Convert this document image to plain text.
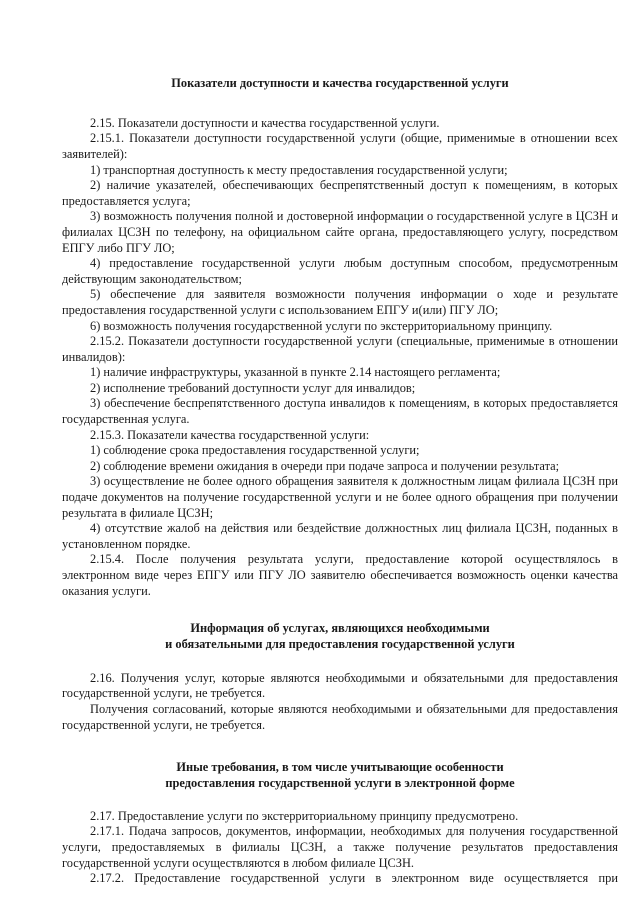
Показатели доступности и качества государственной услуги

2.15. Показатели доступности и качества государственной услуги.

2.15.1. Показатели доступности государственной услуги (общие, применимые в отношении всех заявителей):

1) транспортная доступность к месту предоставления государственной услуги;

2) наличие указателей, обеспечивающих беспрепятственный доступ к помещениям, в которых предоставляется услуга;

3) возможность получения полной и достоверной информации о государственной услуге в ЦСЗН и филиалах ЦСЗН по телефону, на официальном сайте органа, предоставляющего услугу, посредством ЕПГУ либо ПГУ ЛО;

4) предоставление государственной услуги любым доступным способом, предусмотренным действующим законодательством;

5) обеспечение для заявителя возможности получения информации о ходе и результате предоставления государственной услуги с использованием ЕПГУ и(или) ПГУ ЛО;

6) возможность получения государственной услуги по экстерриториальному принципу.

2.15.2. Показатели доступности государственной услуги (специальные, применимые в отношении инвалидов):

1) наличие инфраструктуры, указанной в пункте 2.14 настоящего регламента;

2) исполнение требований доступности услуг для инвалидов;

3) обеспечение беспрепятственного доступа инвалидов к помещениям, в которых предоставляется государственная услуга.

2.15.3. Показатели качества государственной услуги:

1) соблюдение срока предоставления государственной услуги;

2) соблюдение времени ожидания в очереди при подаче запроса и получении результата;

3) осуществление не более одного обращения заявителя к должностным лицам филиала ЦСЗН при подаче документов на получение государственной услуги и не более одного обращения при получении результата в филиале ЦСЗН;

4) отсутствие жалоб на действия или бездействие должностных лиц филиала ЦСЗН, поданных в установленном порядке.

2.15.4. После получения результата услуги, предоставление которой осуществлялось в электронном виде через ЕПГУ или ПГУ ЛО заявителю обеспечивается возможность оценки качества оказания услуги.

Информация об услугах, являющихся необходимыми
и обязательными для предоставления государственной услуги

2.16. Получения услуг, которые являются необходимыми и обязательными для предоставления государственной услуги, не требуется.

Получения согласований, которые являются необходимыми и обязательными для предоставления государственной услуги, не требуется.

Иные требования, в том числе учитывающие особенности
предоставления государственной услуги в электронной форме

2.17. Предоставление услуги по экстерриториальному принципу предусмотрено.

2.17.1. Подача запросов, документов, информации, необходимых для получения государственной услуги, предоставляемых в филиалы ЦСЗН, а также получение результатов предоставления государственной услуги осуществляются в любом филиале ЦСЗН.

2.17.2. Предоставление государственной услуги в электронном виде осуществляется при
